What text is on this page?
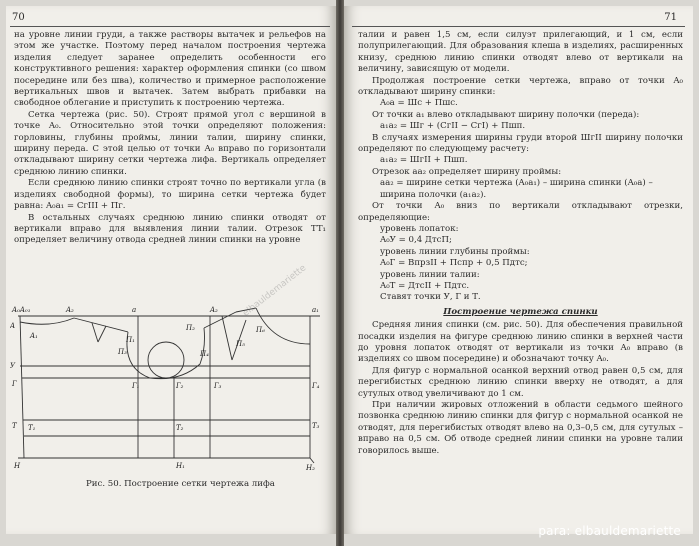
70

на уровне линии груди, а также растворы вытачек и рельефов на этом же участке. Поэтому перед началом построения чертежа изделия следует заранее определить особенности его конструктивного решения: характер оформления спинки (со швом посередине или без шва), количество и примерное расположение вертикальных швов и вытачек. Затем выбрать прибавки на свободное облегание и приступить к построению чертежа.

Сетка чертежа (рис. 50). Строят прямой угол с вершиной в точке A₀. Относительно этой точки определяют положения: горловины, глубины проймы, линии талии, ширину спинки, ширину переда. С этой целью от точки A₀ вправо по горизонтали откладывают ширину сетки чертежа лифа. Вертикаль определяет среднюю линию спинки.

Если среднюю линию спинки строят точно по вертикали угла (в изделиях свободной формы), то ширина сетки чертежа будет равна: A₀a₁ = СгIII + Пг.

В остальных случаях среднюю линию спинки отводят от вертикали вправо для выявления линии талии. Отрезок TT₁ определяет величину отвода средней линии спинки на уровне

A₀A₀₁	A₂	a	A₂	a₁
A
A₁	П₁
П₂
П₃	П₄
П₅
П₆
У
Г	Г₁	Г₂	Г₃	Г₄
Т Т₁	Т₂	Т₃
Н	Н₁	Н₂
Рис. 50. Построение сетки чертежа лифа
elbauldemariette
71

талии и равен 1,5 см, если силуэт прилегающий, и 1 см, если полуприлегающий. Для образования клеша в изделиях, расширенных книзу, среднюю линию спинки отводят влево от вертикали на величину, зависящую от модели.

Продолжая построение сетки чертежа, вправо от точки A₀ откладывают ширину спинки:

A₀a = Шс + Пшс.

От точки a₁ влево откладывают ширину полочки (переда):

a₁a₂ = Шг + (СгII − СгI) + Пшп.

В случаях измерения ширины груди второй ШгII ширину полочки определяют по следующему расчету:

a₁a₂ = ШгII + Пшп.

Отрезок aa₂ определяет ширину проймы:

aa₂ = ширине сетки чертежа (A₀a₁) – ширина спинки (A₀a) – ширина полочки (a₁a₂).

От точки A₀ вниз по вертикали откладывают отрезки, определяющие:

уровень лопаток:

A₀У = 0,4 ДтсП;

уровень линии глубины проймы:

A₀Г = ВпрзII + Пспр + 0,5 Пдтс;

уровень линии талии:

A₀Т = ДтсII + Пдтс.

Ставят точки У, Г и Т.

Построение чертежа спинки

Средняя линия спинки (см. рис. 50). Для обеспечения правильной посадки изделия на фигуре среднюю линию спинки в верхней части до уровня лопаток отводят от вертикали из точки A₀ вправо (в изделиях со швом посередине) и обозначают точку A₀.

Для фигур с нормальной осанкой верхний отвод равен 0,5 см, для перегибистых среднюю линию спинки вверху не отводят, а для сутулых отвод увеличивают до 1 см.

При наличии жировых отложений в области седьмого шейного позвонка среднюю линию спинки для фигур с нормальной осанкой не отводят, для перегибистых отводят влево на 0,3–0,5 см, для сутулых – вправо на 0,5 см. Об отводе средней линии спинки на уровне талии говорилось выше.

para: elbauldemariette
